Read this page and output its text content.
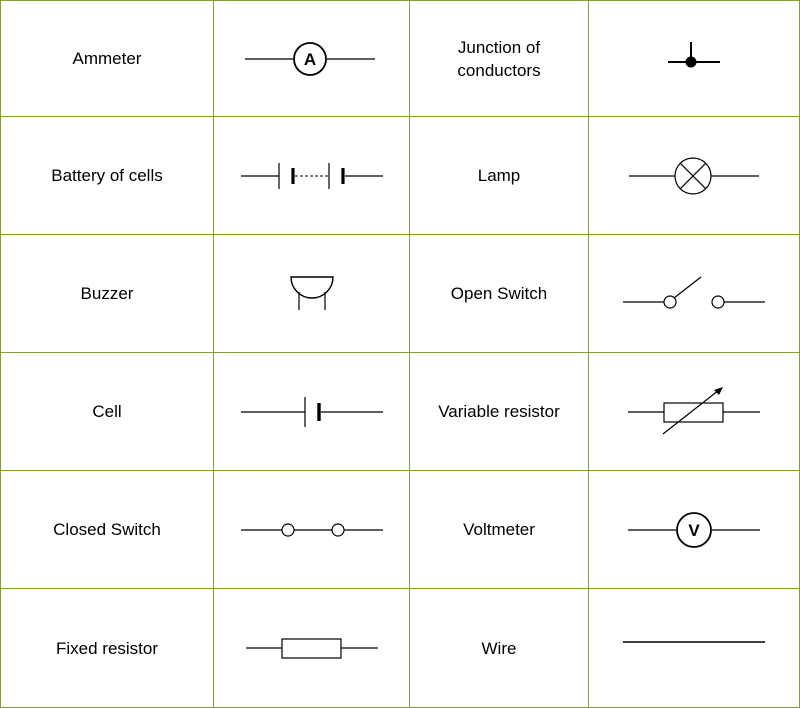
Ammeter	A	Junction of
conductors	

Battery of cells		Lamp	

Buzzer		Open Switch	

Cell		Variable resistor	

Closed Switch		Voltmeter	V

Fixed resistor		Wire	
